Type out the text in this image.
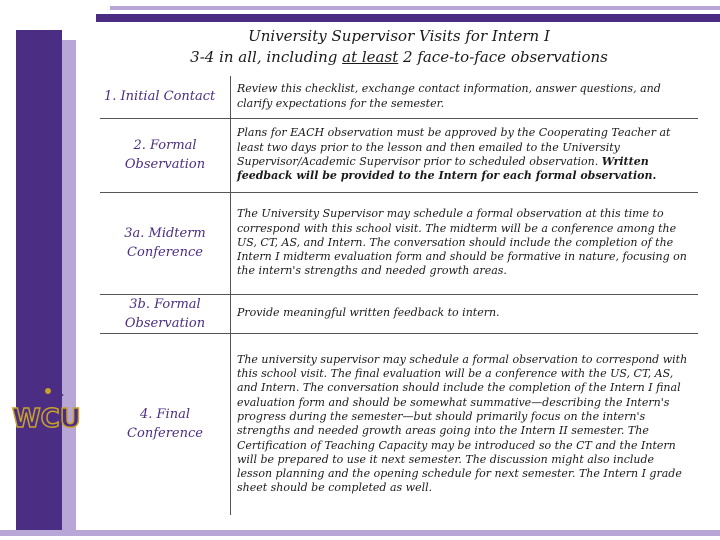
University Supervisor Visits for Intern I
3-4 in all, including at least 2 face-to-face observations
1. Initial Contact	Review this checklist, exchange contact information, answer questions, and clarify expectations for the semester.
2. Formal Observation	Plans for EACH observation must be approved by the Cooperating Teacher at least two days prior to the lesson and then emailed to the University Supervisor/Academic Supervisor prior to scheduled observation. Written feedback will be provided to the Intern for each formal observation.
3a. Midterm Conference	The University Supervisor may schedule a formal observation at this time to correspond with this school visit. The midterm will be a conference among the US, CT, AS, and Intern. The conversation should include the completion of the Intern I midterm evaluation form and should be formative in nature, focusing on the intern's strengths and needed growth areas.
3b. Formal Observation	Provide meaningful written feedback to intern.
4. Final Conference	The university supervisor may schedule a formal observation to correspond with this school visit. The final evaluation will be a conference with the US, CT, AS, and Intern. The conversation should include the completion of the Intern I final evaluation form and should be somewhat summative—describing the Intern's progress during the semester—but should primarily focus on the intern's strengths and needed growth areas going into the Intern II semester. The Certification of Teaching Capacity may be introduced so the CT and the Intern will be prepared to use it next semester. The discussion might also include lesson planning and the opening schedule for next semester. The Intern I grade sheet should be completed as well.
WCU
